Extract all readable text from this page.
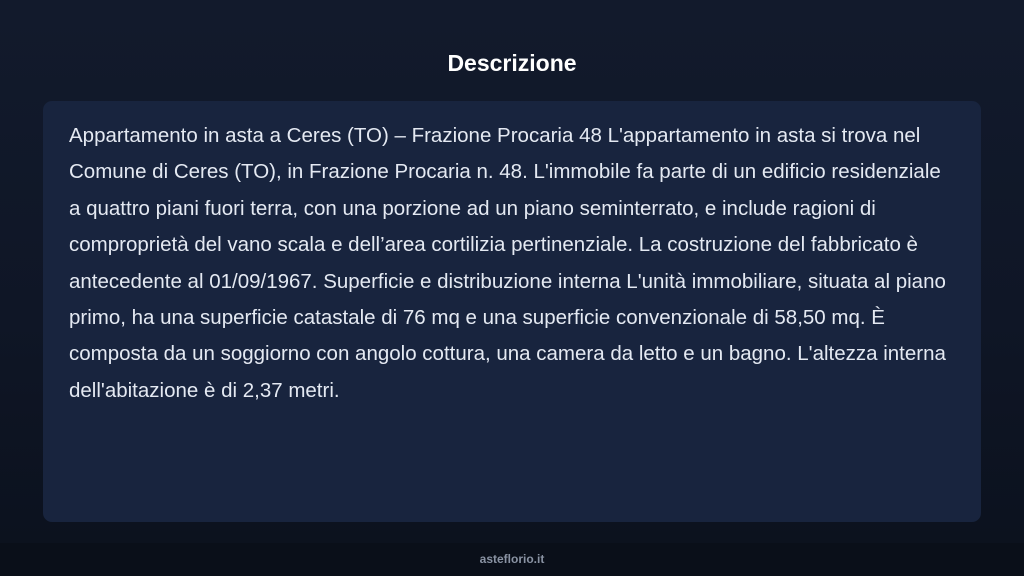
Descrizione

Appartamento in asta a Ceres (TO) – Frazione Procaria 48 L'appartamento in asta si trova nel Comune di Ceres (TO), in Frazione Procaria n. 48. L'immobile fa parte di un edificio residenziale a quattro piani fuori terra, con una porzione ad un piano seminterrato, e include ragioni di comproprietà del vano scala e dell’area cortilizia pertinenziale. La costruzione del fabbricato è antecedente al 01/09/1967. Superficie e distribuzione interna L'unità immobiliare, situata al piano primo, ha una superficie catastale di 76 mq e una superficie convenzionale di 58,50 mq. È composta da un soggiorno con angolo cottura, una camera da letto e un bagno. L'altezza interna dell'abitazione è di 2,37 metri.

asteflorio.it
